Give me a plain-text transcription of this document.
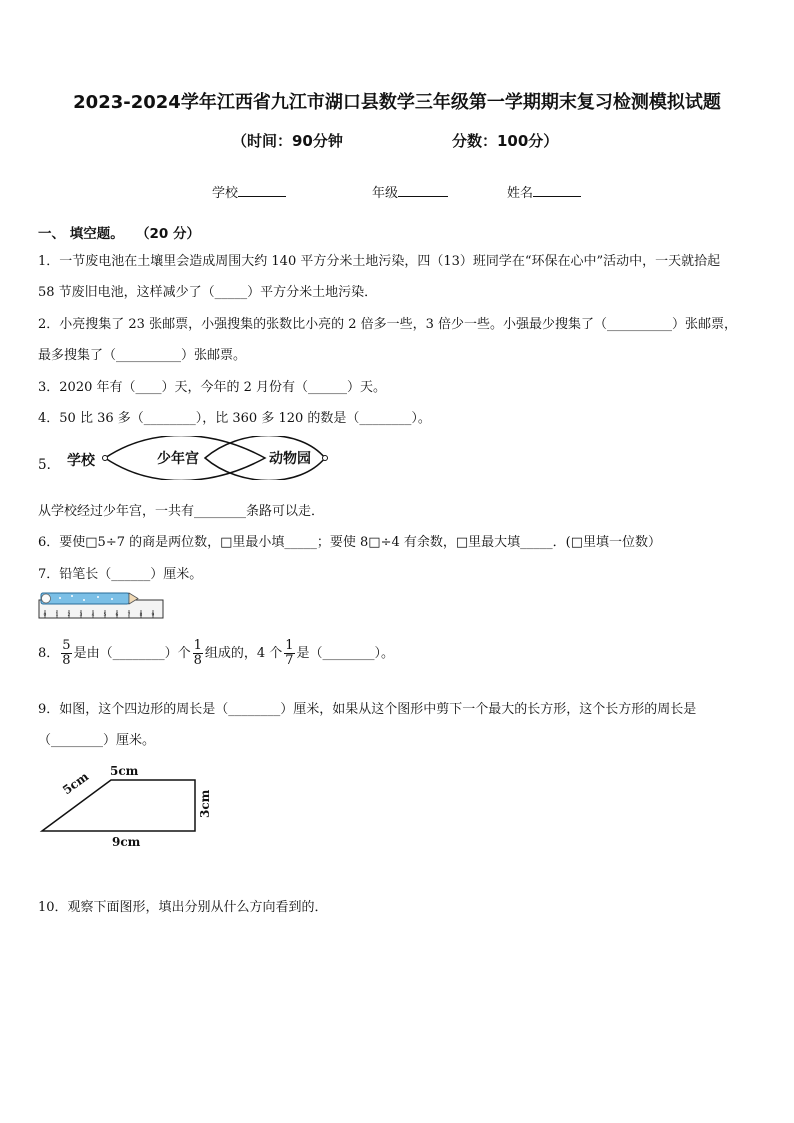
2023-2024学年江西省九江市湖口县数学三年级第一学期期末复习检测模拟试题
（时间：90分钟	分数：100分）
学校	年级	姓名
一、 填空题。 （20 分）
1．一节废电池在土壤里会造成周围大约 140 平方分米土地污染，四（13）班同学在“环保在心中”活动中，一天就拾起
58 节废旧电池，这样减少了（_____）平方分米土地污染．
2．小亮搜集了 23 张邮票，小强搜集的张数比小亮的 2 倍多一些，3 倍少一些。小强最少搜集了（__________）张邮票，
最多搜集了（__________）张邮票。
3．2020 年有（____）天，今年的 2 月份有（______）天。
4．50 比 36 多（________），比 360 多 120 的数是（________）。
5． 学校	少年宫	动物园
从学校经过少年宫，一共有________条路可以走．
6．要使□5÷7 的商是两位数，□里最小填_____；要使 8□÷4 有余数，□里最大填_____．(□里填一位数）
7．铅笔长（______）厘米。
0 1 2 3 4 5 6 7 8 9
8． $\frac{5}{8}$ 是由（________）个 $\frac{1}{8}$ 组成的，4 个 $\frac{1}{7}$ 是（________）。
9．如图，这个四边形的周长是（________）厘米，如果从这个图形中剪下一个最大的长方形，这个长方形的周长是
（________）厘米。
5cm
5cm
3cm
9cm
10．观察下面图形，填出分别从什么方向看到的．
